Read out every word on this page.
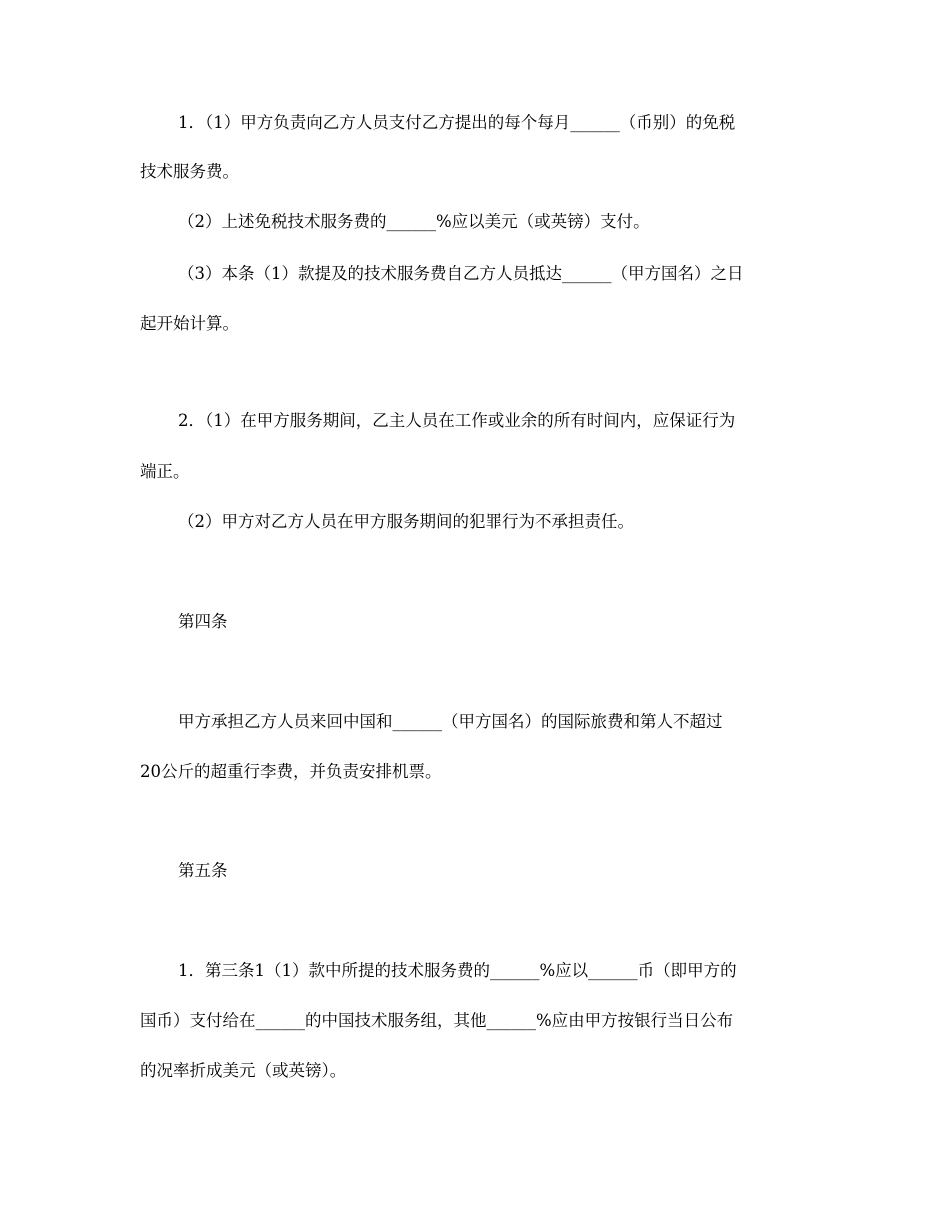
1．（1）甲方负责向乙方人员支付乙方提出的每个每月______（币别）的免税
技术服务费。
（2）上述免税技术服务费的______%应以美元（或英镑）支付。
（3）本条（1）款提及的技术服务费自乙方人员抵达______（甲方国名）之日
起开始计算。
2．（1）在甲方服务期间，乙主人员在工作或业余的所有时间内，应保证行为
端正。
（2）甲方对乙方人员在甲方服务期间的犯罪行为不承担责任。
第四条
甲方承担乙方人员来回中国和______（甲方国名）的国际旅费和第人不超过
20公斤的超重行李费，并负责安排机票。
第五条
1．第三条1（1）款中所提的技术服务费的______%应以______币（即甲方的
国币）支付给在______的中国技术服务组，其他______%应由甲方按银行当日公布
的况率折成美元（或英镑）。
